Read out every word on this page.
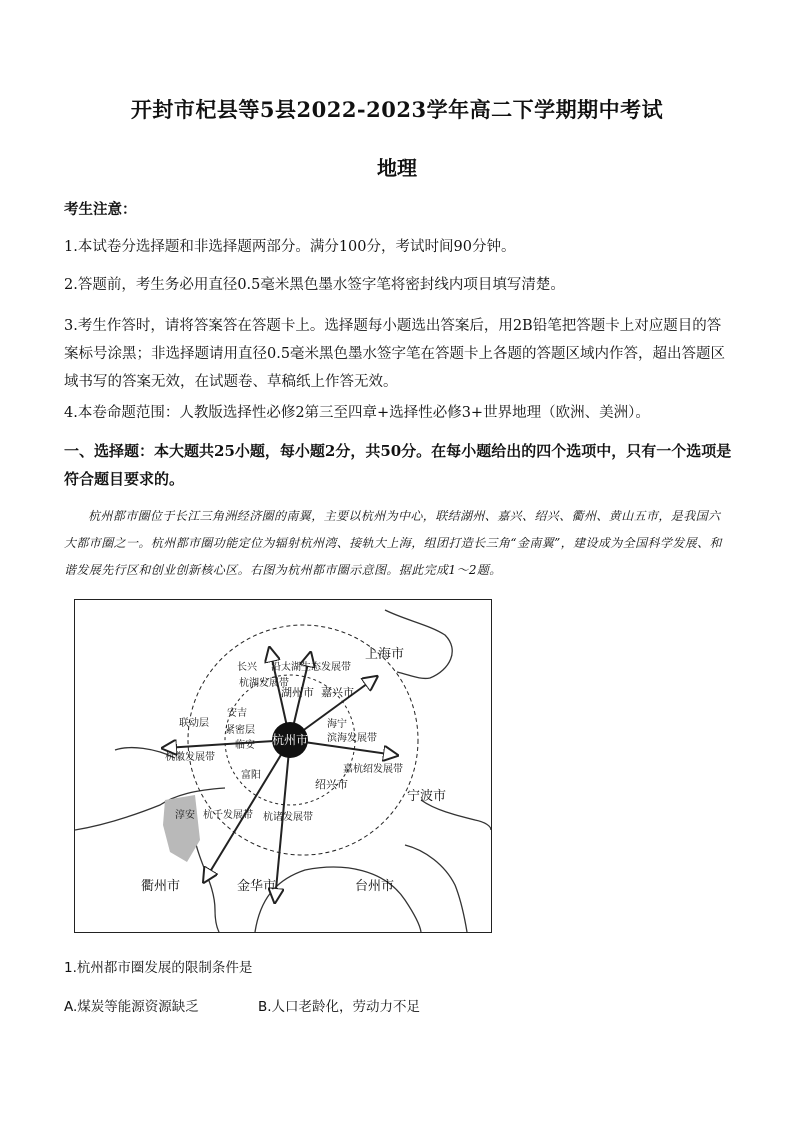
开封市杞县等5县2022-2023学年高二下学期期中考试
地理
考生注意：
1.本试卷分选择题和非选择题两部分。满分100分，考试时间90分钟。
2.答题前，考生务必用直径0.5毫米黑色墨水签字笔将密封线内项目填写清楚。
3.考生作答时，请将答案答在答题卡上。选择题每小题选出答案后，用2B铅笔把答题卡上对应题目的答案标号涂黑；非选择题请用直径0.5毫米黑色墨水签字笔在答题卡上各题的答题区域内作答，超出答题区域书写的答案无效，在试题卷、草稿纸上作答无效。
4.本卷命题范围：人教版选择性必修2第三至四章+选择性必修3+世界地理（欧洲、美洲）。
一、选择题：本大题共25小题，每小题2分，共50分。在每小题给出的四个选项中，只有一个选项是符合题目要求的。
杭州都市圈位于长江三角洲经济圈的南翼，主要以杭州为中心，联结湖州、嘉兴、绍兴、衢州、黄山五市，是我国六大都市圈之一。杭州都市圈功能定位为辐射杭州湾、接轨大上海，组团打造长三角“金南翼”，建设成为全国科学发展、和谐发展先行区和创业创新核心区。右图为杭州都市圈示意图。据此完成1～2题。
杭州市
上海市
宁波市
衢州市	金华市	台州市
湖州市 嘉兴市
绍兴市
长兴
安吉
临安
富阳
淳安
海宁
沿太湖生态发展带
杭湖发展带
联动层
紧密层
滨海发展带
杭徽发展带
嘉杭绍发展带
杭诸发展带
杭千发展带
1.杭州都市圈发展的限制条件是
A.煤炭等能源资源缺乏	B.人口老龄化，劳动力不足
